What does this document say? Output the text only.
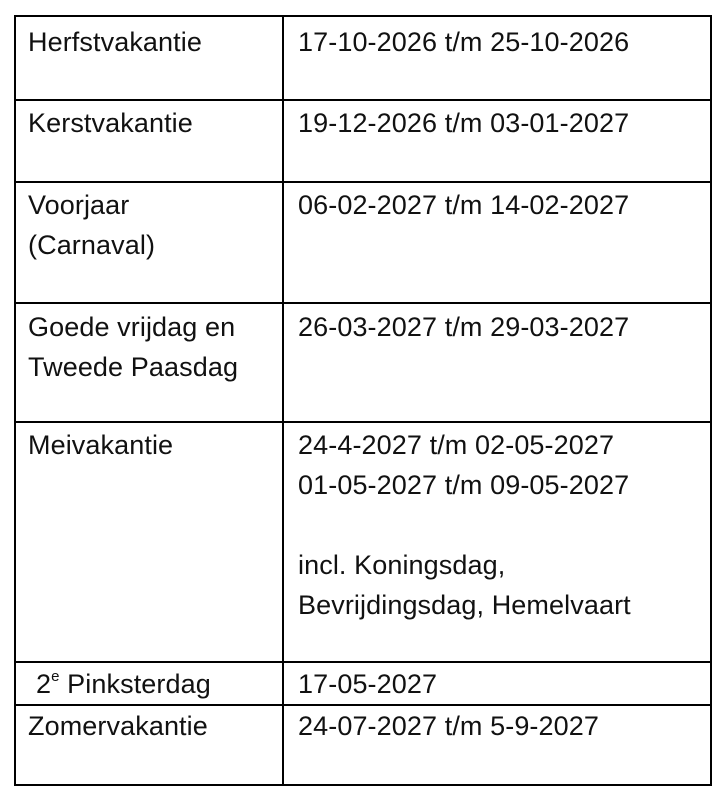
Herfstvakantie	17-10-2026 t/m 25-10-2026
Kerstvakantie	19-12-2026 t/m 03-01-2027
Voorjaar
(Carnaval)
06-02-2027 t/m 14-02-2027
Goede vrijdag en
Tweede Paasdag
26-03-2027 t/m 29-03-2027
Meivakantie	24-4-2027 t/m 02-05-2027
01-05-2027 t/m 09-05-2027
incl. Koningsdag,
Bevrijdingsdag, Hemelvaart
2e Pinksterdag	17-05-2027
Zomervakantie	24-07-2027 t/m 5-9-2027
